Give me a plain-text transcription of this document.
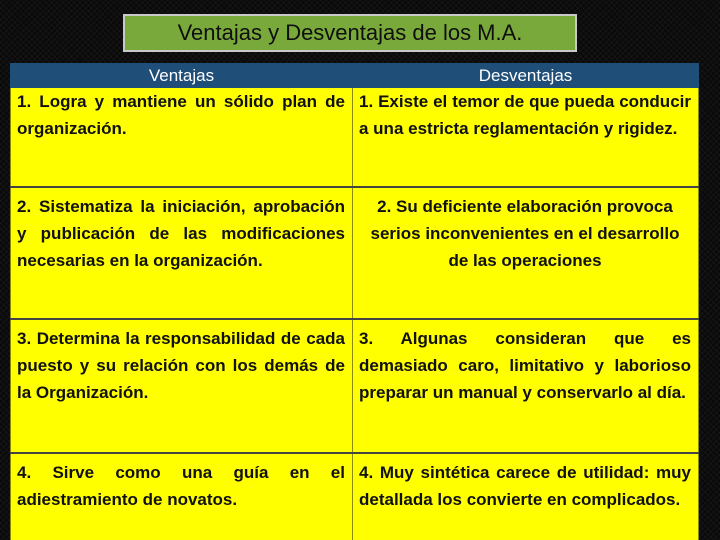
Ventajas y Desventajas de los M.A.
Ventajas	Desventajas
1. Logra y mantiene un sólido plan de organización.	1. Existe el temor de que pueda conducir a una estricta reglamentación y rigidez.
2. Sistematiza la iniciación, aprobación y publicación de las modificaciones necesarias en la organización.	2. Su deficiente elaboración provoca serios inconvenientes en el desarrollo de las operaciones
3. Determina la responsabilidad de cada puesto y su relación con los demás de la Organización.	3. Algunas consideran que es demasiado caro, limitativo y laborioso preparar un manual y conservarlo al día.
4. Sirve como una guía en el adiestramiento de novatos.	4. Muy sintética carece de utilidad: muy detallada los convierte en complicados.
